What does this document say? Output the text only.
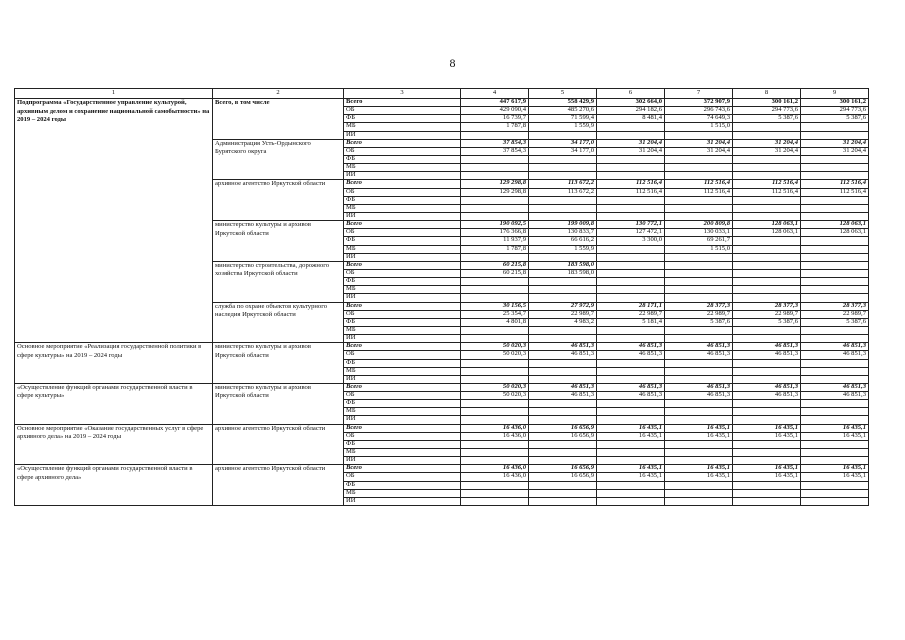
8
1	2	3	4	5	6	7	8	9
Подпрограмма «Государственное управление культурой, архивным делом и сохранение национальной самобытности» на 2019 – 2024 годы	Всего, в том числе	Всего	447 617,9	558 429,9	302 664,0	372 907,9	300 161,2	300 161,2
		ОБ	429 090,4	485 270,6	294 182,6	296 743,6	294 773,6	294 773,6
		ФБ	16 739,7	71 599,4	8 481,4	74 649,3	5 387,6	5 387,6
		МБ	1 787,8	1 559,9		1 515,0		
		ИИ						
	Администрация Усть-Ордынского Бурятского округа	Всего	37 854,3	34 177,0	31 204,4	31 204,4	31 204,4	31 204,4
		ОБ	37 854,3	34 177,0	31 204,4	31 204,4	31 204,4	31 204,4
		ФБ						
		МБ						
		ИИ						
	архивное агентство Иркутской области	Всего	129 298,8	113 672,2	112 516,4	112 516,4	112 516,4	112 516,4
		ОБ	129 298,8	113 672,2	112 516,4	112 516,4	112 516,4	112 516,4
		ФБ						
		МБ						
		ИИ						
	министерство культуры и архивов Иркутской области	Всего	190 092,5	199 009,8	130 772,1	200 809,8	128 063,1	128 063,1
		ОБ	176 366,8	130 833,7	127 472,1	130 033,1	128 063,1	128 063,1
		ФБ	11 937,9	66 616,2	3 300,0	69 261,7		
		МБ	1 787,8	1 559,9		1 515,0		
		ИИ						
	министерство строительства, дорожного хозяйства Иркутской области	Всего	60 215,8	183 598,0				
		ОБ	60 215,8	183 598,0				
		ФБ						
		МБ						
		ИИ						
	служба по охране объектов культурного наследия Иркутской области	Всего	30 156,5	27 972,9	28 171,1	28 377,3	28 377,3	28 377,3
		ОБ	25 354,7	22 989,7	22 989,7	22 989,7	22 989,7	22 989,7
		ФБ	4 801,8	4 983,2	5 181,4	5 387,6	5 387,6	5 387,6
		МБ						
		ИИ						
Основное мероприятие «Реализация государственной политики в сфере культуры» на 2019 – 2024 годы	министерство культуры и архивов Иркутской области	Всего	50 020,3	46 851,3	46 851,3	46 851,3	46 851,3	46 851,3
		ОБ	50 020,3	46 851,3	46 851,3	46 851,3	46 851,3	46 851,3
		ФБ						
		МБ						
		ИИ						
«Осуществление функций органами государственной власти в сфере культуры»	министерство культуры и архивов Иркутской области	Всего	50 020,3	46 851,3	46 851,3	46 851,3	46 851,3	46 851,3
		ОБ	50 020,3	46 851,3	46 851,3	46 851,3	46 851,3	46 851,3
		ФБ						
		МБ						
		ИИ						
Основное мероприятие «Оказание государственных услуг в сфере архивного дела» на 2019 – 2024 годы	архивное агентство Иркутской области	Всего	16 436,0	16 656,9	16 435,1	16 435,1	16 435,1	16 435,1
		ОБ	16 436,0	16 656,9	16 435,1	16 435,1	16 435,1	16 435,1
		ФБ						
		МБ						
		ИИ						
«Осуществление функций органами государственной власти в сфере архивного дела»	архивное агентство Иркутской области	Всего	16 436,0	16 656,9	16 435,1	16 435,1	16 435,1	16 435,1
		ОБ	16 436,0	16 656,9	16 435,1	16 435,1	16 435,1	16 435,1
		ФБ						
		МБ						
		ИИ						
